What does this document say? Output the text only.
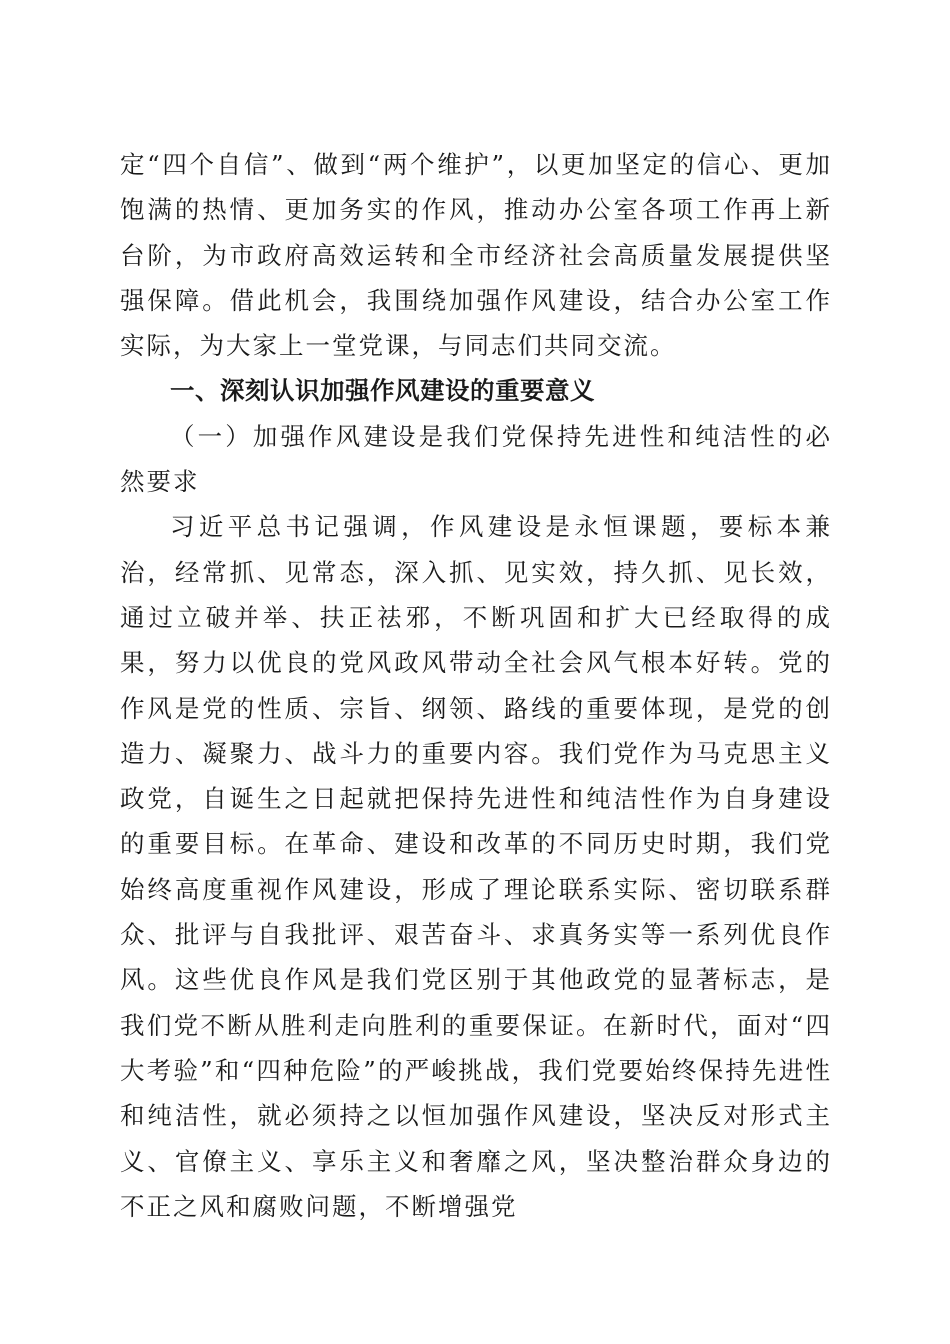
定“四个自信”、做到“两个维护”，以更加坚定的信心、更加饱满的热情、更加务实的作风，推动办公室各项工作再上新台阶，为市政府高效运转和全市经济社会高质量发展提供坚强保障。借此机会，我围绕加强作风建设，结合办公室工作实际，为大家上一堂党课，与同志们共同交流。

一、深刻认识加强作风建设的重要意义

（一）加强作风建设是我们党保持先进性和纯洁性的必然要求

习近平总书记强调，作风建设是永恒课题，要标本兼治，经常抓、见常态，深入抓、见实效，持久抓、见长效，通过立破并举、扶正祛邪，不断巩固和扩大已经取得的成果，努力以优良的党风政风带动全社会风气根本好转。党的作风是党的性质、宗旨、纲领、路线的重要体现，是党的创造力、凝聚力、战斗力的重要内容。我们党作为马克思主义政党，自诞生之日起就把保持先进性和纯洁性作为自身建设的重要目标。在革命、建设和改革的不同历史时期，我们党始终高度重视作风建设，形成了理论联系实际、密切联系群众、批评与自我批评、艰苦奋斗、求真务实等一系列优良作风。这些优良作风是我们党区别于其他政党的显著标志，是我们党不断从胜利走向胜利的重要保证。在新时代，面对“四大考验”和“四种危险”的严峻挑战，我们党要始终保持先进性和纯洁性，就必须持之以恒加强作风建设，坚决反对形式主义、官僚主义、享乐主义和奢靡之风，坚决整治群众身边的不正之风和腐败问题，不断增强党
